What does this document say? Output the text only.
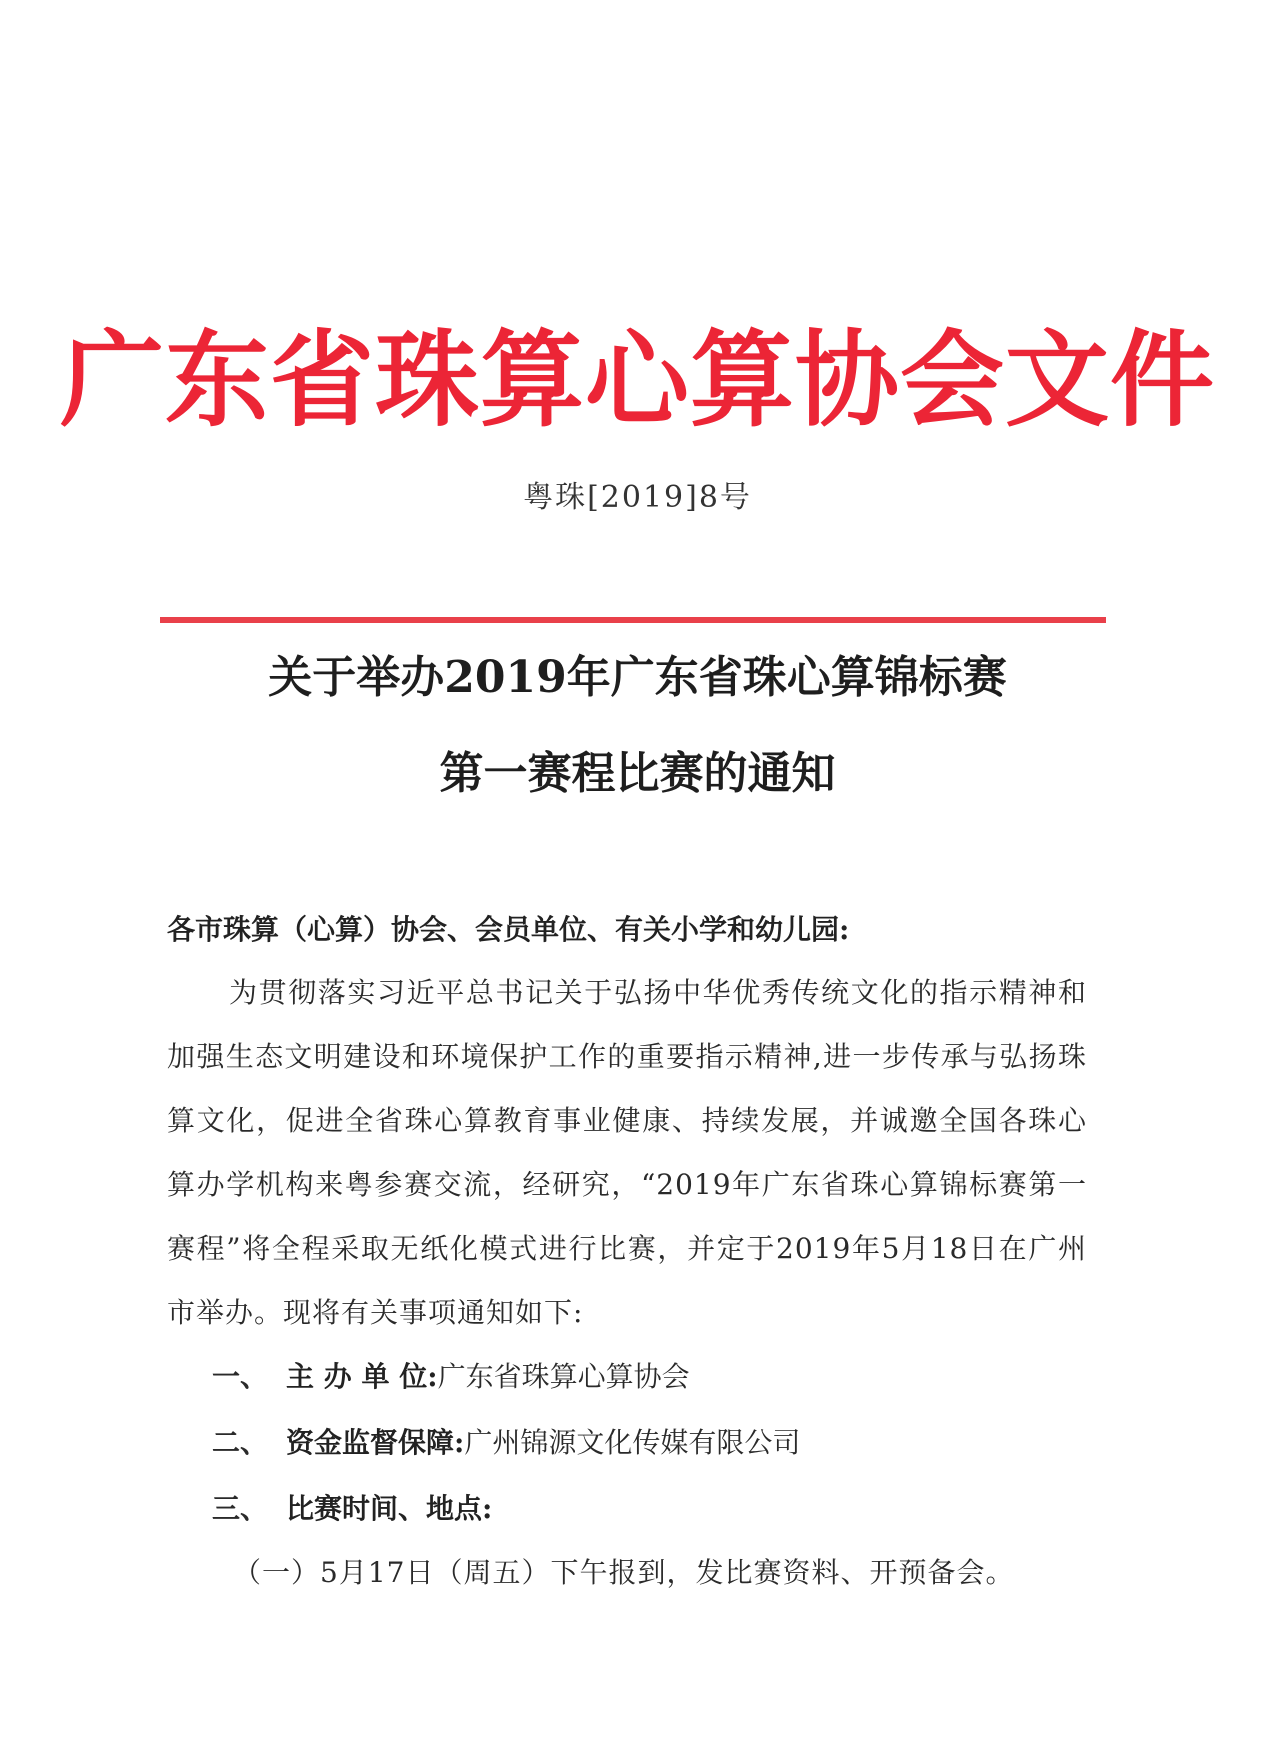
广东省珠算心算协会文件
粤珠[2019]8号
关于举办2019年广东省珠心算锦标赛
第一赛程比赛的通知
各市珠算（心算）协会、会员单位、有关小学和幼儿园:
为贯彻落实习近平总书记关于弘扬中华优秀传统文化的指示精神和加强生态文明建设和环境保护工作的重要指示精神,进一步传承与弘扬珠算文化，促进全省珠心算教育事业健康、持续发展，并诚邀全国各珠心算办学机构来粤参赛交流，经研究，“2019年广东省珠心算锦标赛第一赛程”将全程采取无纸化模式进行比赛，并定于2019年5月18日在广州市举办。现将有关事项通知如下:
一、 主 办 单 位:广东省珠算心算协会
二、 资金监督保障:广州锦源文化传媒有限公司
三、 比赛时间、地点:
（一）5月17日（周五）下午报到，发比赛资料、开预备会。
